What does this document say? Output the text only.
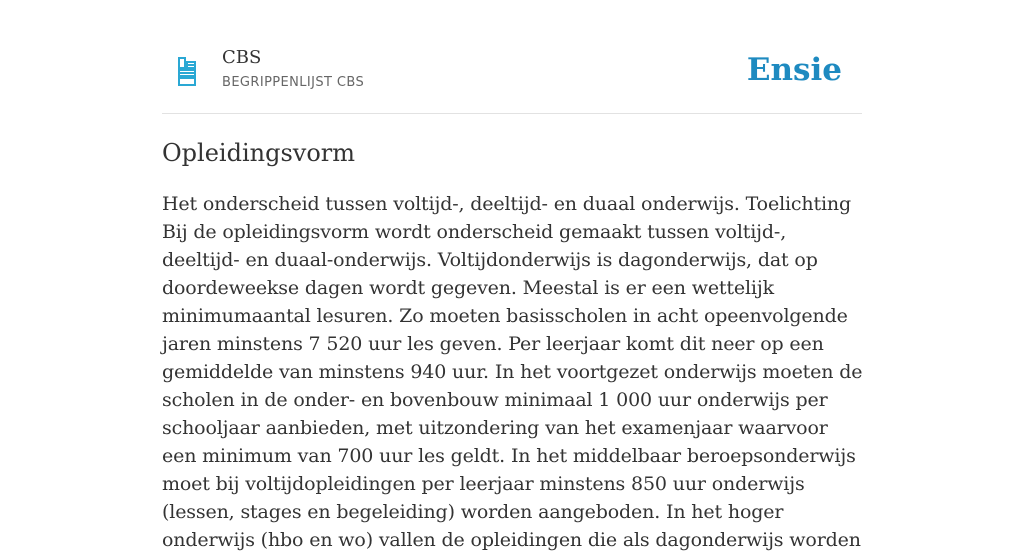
CBS
BEGRIPPENLIJST CBS	Ensie
Opleidingsvorm

Het onderscheid tussen voltijd-, deeltijd- en duaal onderwijs. Toelichting Bij de opleidingsvorm wordt onderscheid gemaakt tussen voltijd-, deeltijd- en duaal-onderwijs. Voltijdonderwijs is dagonderwijs, dat op doordeweekse dagen wordt gegeven. Meestal is er een wettelijk minimumaantal lesuren. Zo moeten basisscholen in acht opeenvolgende jaren minstens 7 520 uur les geven. Per leerjaar komt dit neer op een gemiddelde van minstens 940 uur. In het voortgezet onderwijs moeten de scholen in de onder- en bovenbouw minimaal 1 000 uur onderwijs per schooljaar aanbieden, met uitzondering van het examenjaar waarvoor een minimum van 700 uur les geldt. In het middelbaar beroepsonderwijs moet bij voltijdopleidingen per leerjaar minstens 850 uur onderwijs (lessen, stages en begeleiding) worden aangeboden. In het hoger onderwijs (hbo en wo) vallen de opleidingen die als dagonderwijs worden
